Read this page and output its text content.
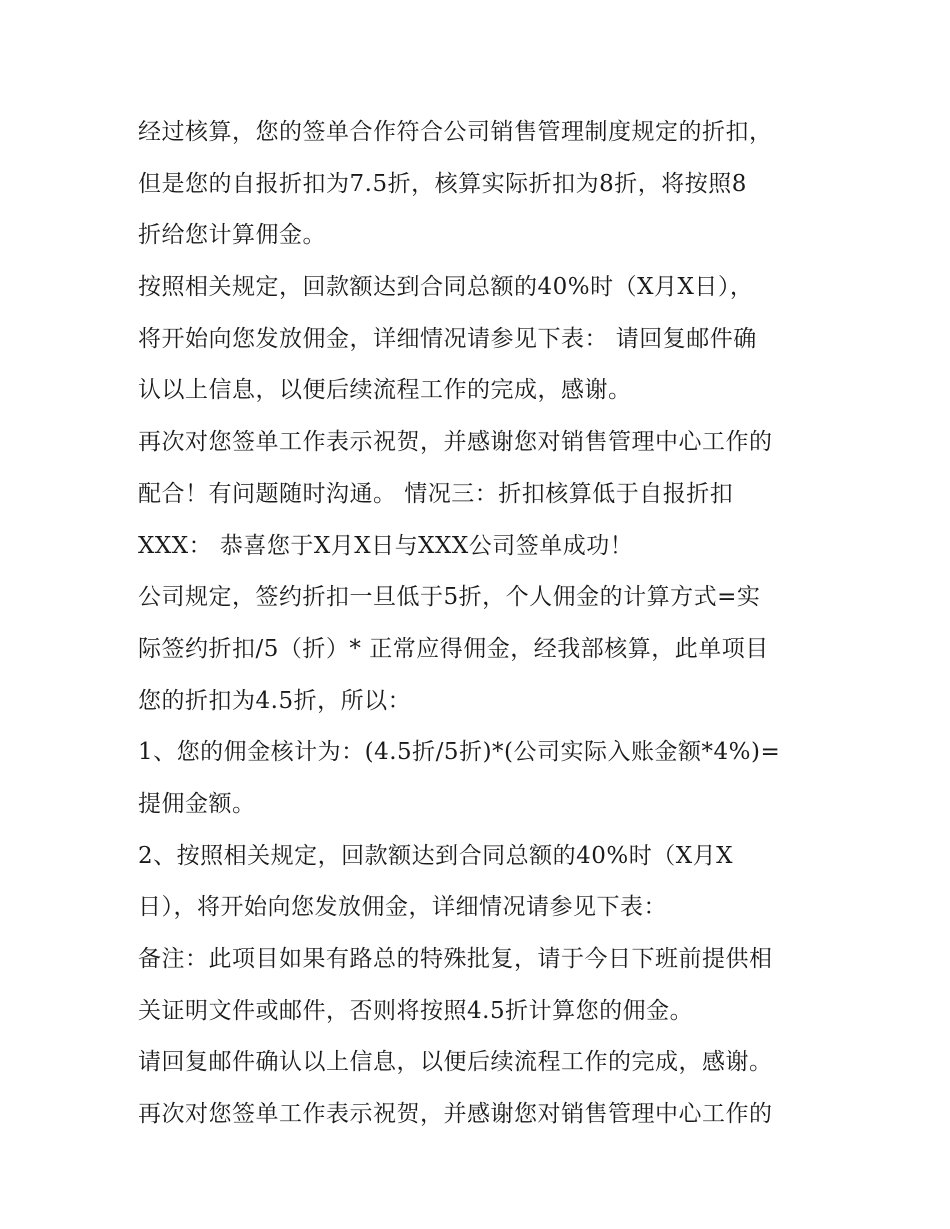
经过核算，您的签单合作符合公司销售管理制度规定的折扣，
但是您的自报折扣为7.5折，核算实际折扣为8折，将按照8
折给您计算佣金。
按照相关规定，回款额达到合同总额的40%时（X月X日），
将开始向您发放佣金，详细情况请参见下表： 请回复邮件确
认以上信息，以便后续流程工作的完成，感谢。
再次对您签单工作表示祝贺，并感谢您对销售管理中心工作的
配合！有问题随时沟通。 情况三：折扣核算低于自报折扣
XXX： 恭喜您于X月X日与XXX公司签单成功！
公司规定，签约折扣一旦低于5折，个人佣金的计算方式=实
际签约折扣/5（折）* 正常应得佣金，经我部核算，此单项目
您的折扣为4.5折，所以：
1、您的佣金核计为：(4.5折/5折)*(公司实际入账金额*4%)=
提佣金额。
2、按照相关规定，回款额达到合同总额的40%时（X月X
日），将开始向您发放佣金，详细情况请参见下表：
备注：此项目如果有路总的特殊批复，请于今日下班前提供相
关证明文件或邮件，否则将按照4.5折计算您的佣金。
请回复邮件确认以上信息，以便后续流程工作的完成，感谢。
再次对您签单工作表示祝贺，并感谢您对销售管理中心工作的
